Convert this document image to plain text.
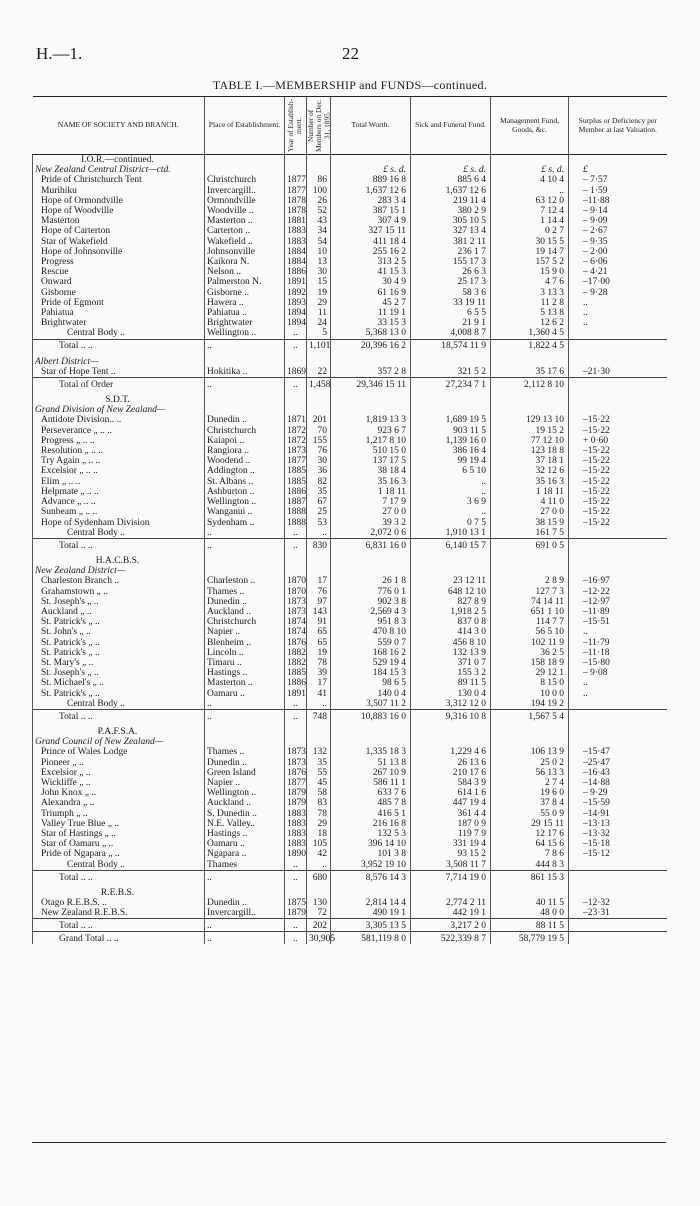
H.—1.	22
TABLE I.—MEMBERSHIP and FUNDS—continued.
NAME OF SOCIETY AND BRANCH.	Place of Establishment.	Year of Establish-ment.	Number of Members on Dec. 31, 1895.	Total Worth.	Sick and Funeral Fund.	Management Fund, Goods, &c.	Surplus or Deficiency per Member at last Valuation.
I.O.R.—continued.							
New Zealand Central District—ctd.				£ s. d.	£ s. d.	£ s. d.	£
Pride of Christchurch Tent	Christchurch	1877	86	889 16 8	885 6 4	4 10 4	– 7·57
Murihiku	Invercargill..	1877	100	1,637 12 6	1,637 12 6	..	– 1·59
Hope of Ormondville	Ormondville	1878	26	283 3 4	219 11 4	63 12 0	–11·88
Hope of Woodville	Woodville ..	1878	52	387 15 1	380 2 9	7 12 4	– 9·14
Masterton	Masterton ..	1881	43	307 4 9	305 10 5	1 14 4	– 9·09
Hope of Carterton	Carterton ..	1883	34	327 15 11	327 13 4	0 2 7	– 2·67
Star of Wakefield	Wakefield ..	1883	54	411 18 4	381 2 11	30 15 5	– 9·35
Hope of Johnsonville	Johnsonville	1884	10	255 16 2	236 1 7	19 14 7	– 2·00
Progress	Kaikora N.	1884	13	313 2 5	155 17 3	157 5 2	– 6·06
Rescue	Nelson ..	1886	30	41 15 3	26 6 3	15 9 0	– 4·21
Onward	Palmerston N.	1891	15	30 4 9	25 17 3	4 7 6	–17·00
Gisborne	Gisborne ..	1892	19	61 16 9	58 3 6	3 13 3	– 9·28
Pride of Egmont	Hawera ..	1893	29	45 2 7	33 19 11	11 2 8	..
Pahiatua	Pahiatua ..	1894	11	11 19 1	6 5 5	5 13 8	..
Brightwater	Brightwater	1894	24	33 15 3	21 9 1	12 6 2	..
Central Body ..	Wellington ..	..	5	5,368 13 0	4,008 8 7	1,360 4 5	
Total .. ..	..	..	1,101	20,396 16 2	18,574 11 9	1,822 4 5	

Albert District—							
Star of Hope Tent ..	Hokitika ..	1869	22	357 2 8	321 5 2	35 17 6	–21·30
Total of Order	..	..	1,458	29,346 15 11	27,234 7 1	2,112 8 10	

S.D.T.							
Grand Division of New Zealand—							
Antidote Division.. ..	Dunedin ..	1871	201	1,819 13 3	1,689 19 5	129 13 10	–15·22
Perseverance „ .. ..	Christchurch	1872	70	923 6 7	903 11 5	19 15 2	–15·22
Progress „ .. ..	Kaiapoi ..	1872	155	1,217 8 10	1,139 16 0	77 12 10	+ 0·60
Resolution „ .. ..	Rangiora ..	1873	76	510 15 0	386 16 4	123 18 8	–15·22
Try Again „ .. ..	Woodend ..	1877	30	137 17 5	99 19 4	37 18 1	–15·22
Excelsior „ .. ..	Addington ..	1885	36	38 18 4	6 5 10	32 12 6	–15·22
Elim „ .. ..	St. Albans ..	1885	82	35 16 3	..	35 16 3	–15·22
Helpmate „ .. ..	Ashburton ..	1886	35	1 18 11	..	1 18 11	–15·22
Advance „ .. ..	Wellington ..	1887	67	7 17 9	3 6 9	4 11 0	–15·22
Sunbeam „ .. ..	Wanganui ..	1888	25	27 0 0	..	27 0 0	–15·22
Hope of Sydenham Division	Sydenham ..	1888	53	39 3 2	0 7 5	38 15 9	–15·22
Central Body ..	..	..	..	2,072 0 6	1,910 13 1	161 7 5	
Total .. ..	..	..	830	6,831 16 0	6,140 15 7	691 0 5	

H.A.C.B.S.							
New Zealand District—							
Charleston Branch ..	Charleston ..	1870	17	26 1 8	23 12 11	2 8 9	–16·97
Grahamstown „ ..	Thames ..	1870	76	776 0 1	648 12 10	127 7 3	–12·22
St. Joseph's „ ..	Dunedin ..	1873	97	902 3 8	827 8 9	74 14 11	–12·97
Auckland „ ..	Auckland ..	1873	143	2,569 4 3	1,918 2 5	651 1 10	–11·89
St. Patrick's „ ..	Christchurch	1874	91	951 8 3	837 0 8	114 7 7	–15·51
St. John's „ ..	Napier ..	1874	65	470 8 10	414 3 0	56 5 10	..
St. Patrick's „ ..	Blenheim ..	1876	65	559 0 7	456 8 10	102 11 9	–11·79
St. Patrick's „ ..	Lincoln ..	1882	19	168 16 2	132 13 9	36 2 5	–11·18
St. Mary's „ ..	Timaru ..	1882	78	529 19 4	371 0 7	158 18 9	–15·80
St. Joseph's „ ..	Hastings ..	1885	39	184 15 3	155 3 2	29 12 1	– 9·08
St. Michael's „ ..	Masterton ..	1886	17	98 6 5	89 11 5	8 15 0	..
St. Patrick's „ ..	Oamaru ..	1891	41	140 0 4	130 0 4	10 0 0	..
Central Body ..	..	..	..	3,507 11 2	3,312 12 0	194 19 2	
Total .. ..	..	..	748	10,883 16 0	9,316 10 8	1,567 5 4	

P.A.F.S.A.							
Grand Council of New Zealand—							
Prince of Wales Lodge	Thames ..	1873	132	1,335 18 3	1,229 4 6	106 13 9	–15·47
Pioneer „ ..	Dunedin ..	1873	35	51 13 8	26 13 6	25 0 2	–25·47
Excelsior „ ..	Green Island	1876	55	267 10 9	210 17 6	56 13 3	–16·43
Wickliffe „ ..	Napier ..	1877	45	586 11 1	584 3 9	2 7 4	–14·88
John Knox „ ..	Wellington ..	1879	58	633 7 6	614 1 6	19 6 0	– 9·29
Alexandra „ ..	Auckland ..	1879	83	485 7 8	447 19 4	37 8 4	–15·59
Triumph „ ..	S. Dunedin ..	1883	78	416 5 1	361 4 4	55 0 9	–14·91
Valley True Blue „ ..	N.E. Valley..	1883	29	216 16 8	187 0 9	29 15 11	–13·13
Star of Hastings „ ..	Hastings ..	1883	18	132 5 3	119 7 9	12 17 6	–13·32
Star of Oamaru „ ..	Oamaru ..	1883	105	396 14 10	331 19 4	64 15 6	–15·18
Pride of Ngapara „ ..	Ngapara ..	1890	42	101 3 8	93 15 2	7 8 6	–15·12
Central Body ..	Thames	..	..	3,952 19 10	3,508 11 7	444 8 3	
Total .. ..	..	..	680	8,576 14 3	7,714 19 0	861 15 3	

R.E.B.S.							
Otago R.E.B.S. ..	Dunedin ..	1875	130	2,814 14 4	2,774 2 11	40 11 5	–12·32
New Zealand R.E.B.S.	Invercargill..	1879	72	490 19 1	442 19 1	48 0 0	–23·31
Total .. ..	..	..	202	3,305 13 5	3,217 2 0	88 11 5	
Grand Total .. ..	..	..	30,905	581,119 8 0	522,339 8 7	58,779 19 5	
